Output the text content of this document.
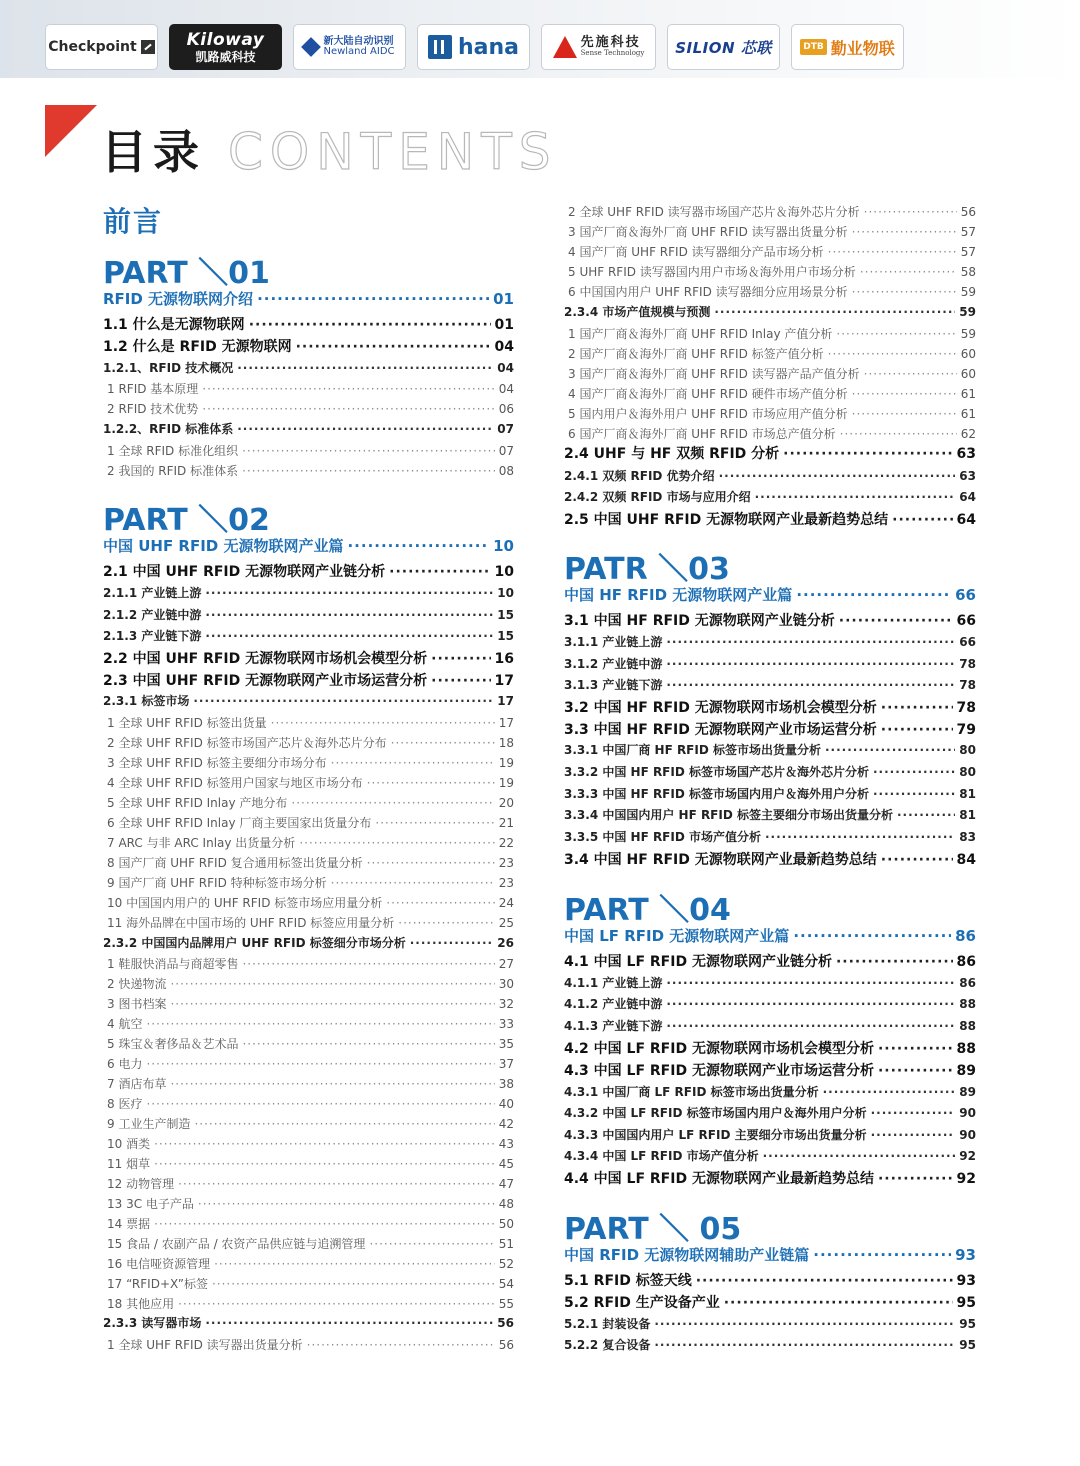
Checkpoint	Kiloway
凯路威科技
新大陆自动识别
Newland AIDC	hana	先施科技
Sense Technology SILION 芯联	DTB 勤业物联
目录 CONTENTS
前言
PART ＼01
RFID 无源物联网介绍 ·····	01
1.1 什么是无源物联网 ·····	01
1.2 什么是 RFID 无源物联网 ·····	04
1.2.1、RFID 技术概况 ·····	04
1 RFID 基本原理 ·····	04
2 RFID 技术优势 ·····	06
1.2.2、RFID 标准体系 ·····	07
1 全球 RFID 标准化组织 ·····	07
2 我国的 RFID 标准体系 ·····	08
PART ＼02
中国 UHF RFID 无源物联网产业篇 ·····	10
2.1 中国 UHF RFID 无源物联网产业链分析 ·····	10
2.1.1 产业链上游 ·····	10
2.1.2 产业链中游 ·····	15
2.1.3 产业链下游 ·····	15
2.2 中国 UHF RFID 无源物联网市场机会模型分析 ·····	16
2.3 中国 UHF RFID 无源物联网产业市场运营分析 ·····	17
2.3.1 标签市场 ·····	17
1 全球 UHF RFID 标签出货量 ·····	17
2 全球 UHF RFID 标签市场国产芯片＆海外芯片分布 ·····	18
3 全球 UHF RFID 标签主要细分市场分布 ·····	19
4 全球 UHF RFID 标签用户国家与地区市场分布 ·····	19
5 全球 UHF RFID Inlay 产地分布 ·····	20
6 全球 UHF RFID Inlay 厂商主要国家出货量分布 ·····	21
7 ARC 与非 ARC Inlay 出货量分析 ·····	22
8 国产厂商 UHF RFID 复合通用标签出货量分析 ·····	23
9 国产厂商 UHF RFID 特种标签市场分析 ·····	23
10 中国国内用户的 UHF RFID 标签市场应用量分析 ·····	24
11 海外品牌在中国市场的 UHF RFID 标签应用量分析 ·····	25
2.3.2 中国国内品牌用户 UHF RFID 标签细分市场分析 ·····	26
1 鞋服快消品与商超零售 ·····	27
2 快递物流 ·····	30
3 图书档案 ·····	32
4 航空 ·····	33
5 珠宝＆奢侈品＆艺术品 ·····	35
6 电力 ·····	37
7 酒店布草 ·····	38
8 医疗 ·····	40
9 工业生产制造 ·····	42
10 酒类 ·····	43
11 烟草 ·····	45
12 动物管理 ·····	47
13 3C 电子产品 ·····	48
14 票据 ·····	50
15 食品 / 农副产品 / 农资产品供应链与追溯管理 ·····	51
16 电信哑资源管理 ·····	52
17 “RFID+X”标签 ·····	54
18 其他应用 ·····	55
2.3.3 读写器市场 ·····	56
1 全球 UHF RFID 读写器出货量分析 ·····	56
2 全球 UHF RFID 读写器市场国产芯片＆海外芯片分析 ·····	56
3 国产厂商＆海外厂商 UHF RFID 读写器出货量分析 ·····	57
4 国产厂商 UHF RFID 读写器细分产品市场分析 ·····	57
5 UHF RFID 读写器国内用户市场＆海外用户市场分析 ·····	58
6 中国国内用户 UHF RFID 读写器细分应用场景分析 ·····	59
2.3.4 市场产值规模与预测 ·····	59
1 国产厂商＆海外厂商 UHF RFID Inlay 产值分析 ·····	59
2 国产厂商＆海外厂商 UHF RFID 标签产值分析 ·····	60
3 国产厂商＆海外厂商 UHF RFID 读写器产品产值分析 ·····	60
4 国产厂商＆海外厂商 UHF RFID 硬件市场产值分析 ·····	61
5 国内用户＆海外用户 UHF RFID 市场应用产值分析 ·····	61
6 国产厂商＆海外厂商 UHF RFID 市场总产值分析 ·····	62
2.4 UHF 与 HF 双频 RFID 分析 ·····	63
2.4.1 双频 RFID 优势介绍 ·····	63
2.4.2 双频 RFID 市场与应用介绍 ·····	64
2.5 中国 UHF RFID 无源物联网产业最新趋势总结 ·····	64
PATR ＼03
中国 HF RFID 无源物联网产业篇 ·····	66
3.1 中国 HF RFID 无源物联网产业链分析 ·····	66
3.1.1 产业链上游 ·····	66
3.1.2 产业链中游 ·····	78
3.1.3 产业链下游 ·····	78
3.2 中国 HF RFID 无源物联网市场机会模型分析 ·····	78
3.3 中国 HF RFID 无源物联网产业市场运营分析 ·····	79
3.3.1 中国厂商 HF RFID 标签市场出货量分析 ·····	80
3.3.2 中国 HF RFID 标签市场国产芯片＆海外芯片分析 ·····	80
3.3.3 中国 HF RFID 标签市场国内用户＆海外用户分析 ·····	81
3.3.4 中国国内用户 HF RFID 标签主要细分市场出货量分析 ·····	81
3.3.5 中国 HF RFID 市场产值分析 ·····	83
3.4 中国 HF RFID 无源物联网产业最新趋势总结 ·····	84
PART ＼04
中国 LF RFID 无源物联网产业篇 ·····	86
4.1 中国 LF RFID 无源物联网产业链分析 ·····	86
4.1.1 产业链上游 ·····	86
4.1.2 产业链中游 ·····	88
4.1.3 产业链下游 ·····	88
4.2 中国 LF RFID 无源物联网市场机会模型分析 ·····	88
4.3 中国 LF RFID 无源物联网产业市场运营分析 ·····	89
4.3.1 中国厂商 LF RFID 标签市场出货量分析 ·····	89
4.3.2 中国 LF RFID 标签市场国内用户＆海外用户分析 ·····	90
4.3.3 中国国内用户 LF RFID 主要细分市场出货量分析 ·····	90
4.3.4 中国 LF RFID 市场产值分析 ·····	92
4.4 中国 LF RFID 无源物联网产业最新趋势总结 ·····	92
PART ＼ 05
中国 RFID 无源物联网辅助产业链篇 ·····	93
5.1 RFID 标签天线 ·····	93
5.2 RFID 生产设备产业 ·····	95
5.2.1 封装设备 ·····	95
5.2.2 复合设备 ·····	95
